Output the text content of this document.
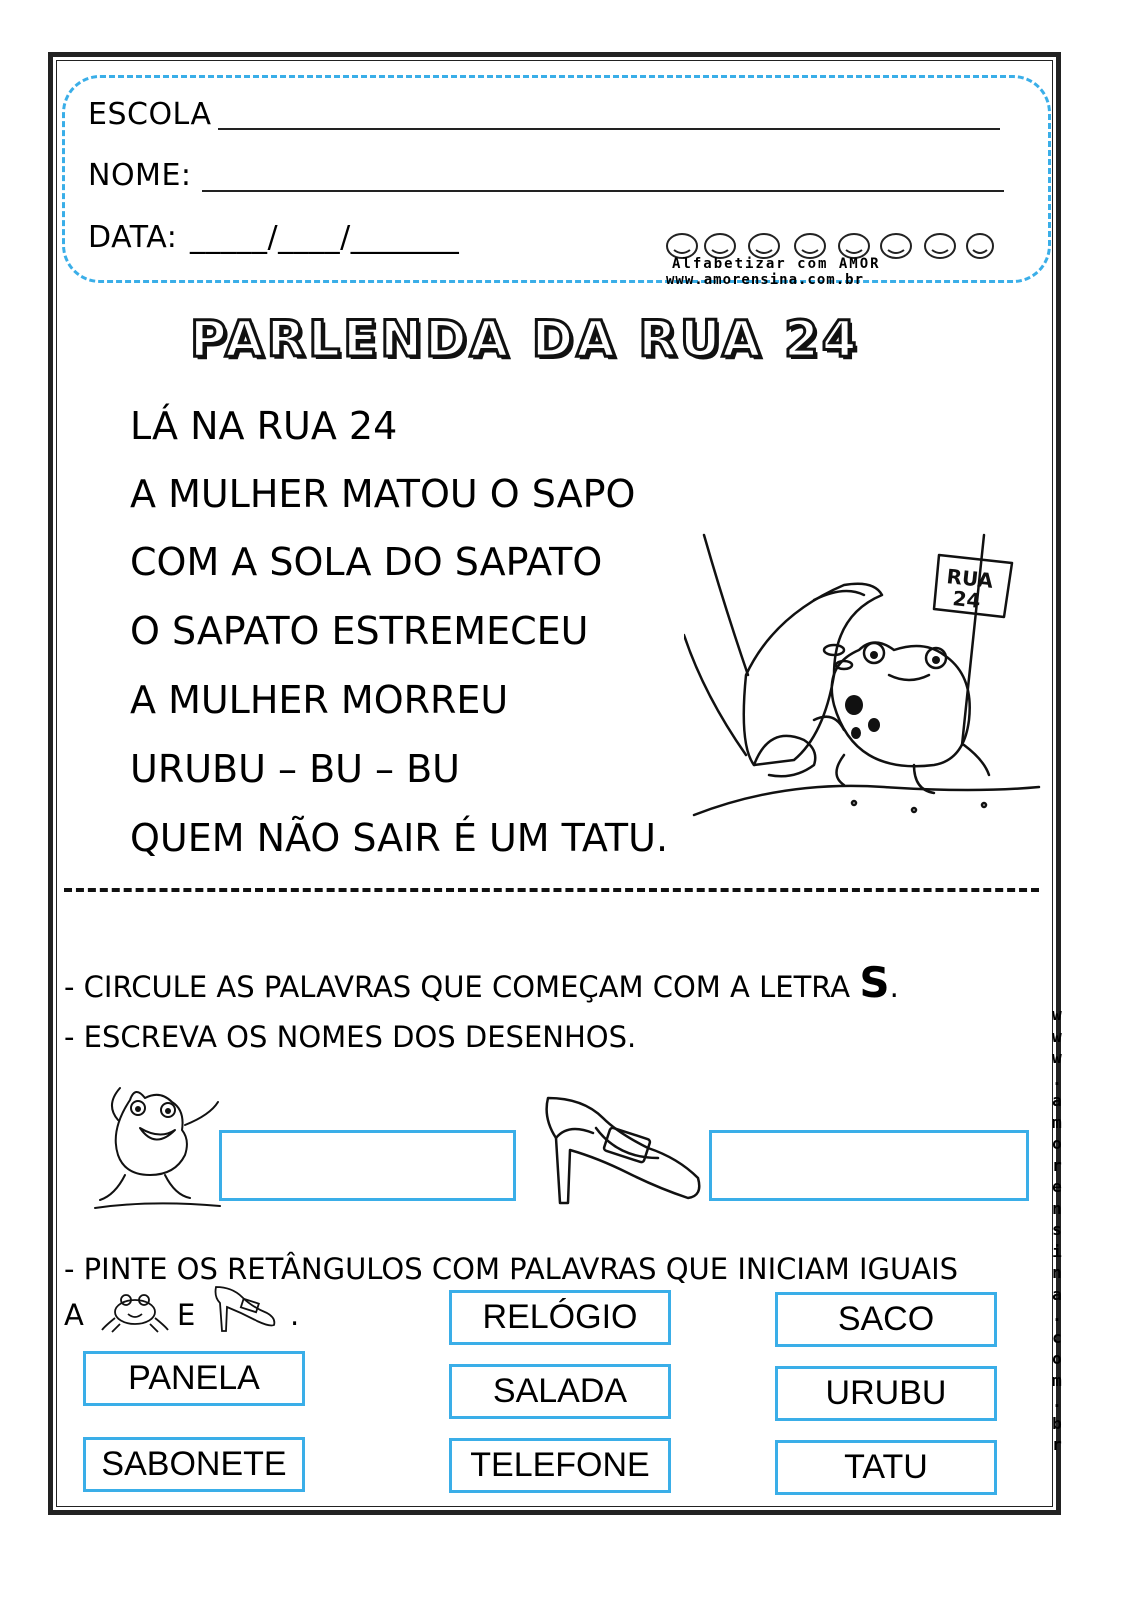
ESCOLA
NOME:
DATA: _____/____/_______
Alfabetizar com AMOR
www.amorensina.com.br
PARLENDA DA RUA 24
LÁ NA RUA 24
A MULHER MATOU O SAPO
COM A SOLA DO SAPATO
O SAPATO ESTREMECEU
A MULHER MORREU
URUBU – BU – BU
QUEM NÃO SAIR É UM TATU.
RUA
24
- CIRCULE AS PALAVRAS QUE COMEÇAM COM A LETRA S.
- ESCREVA OS NOMES DOS DESENHOS.
- PINTE OS RETÂNGULOS COM PALAVRAS QUE INICIAM IGUAIS
A	E	.
PANELA
SABONETE
RELÓGIO
SALADA
TELEFONE
SACO
URUBU
TATU
w
w
w
.
a
m
o
r
e
n
s
i
n
a
.
c
o
m
.
b
r
